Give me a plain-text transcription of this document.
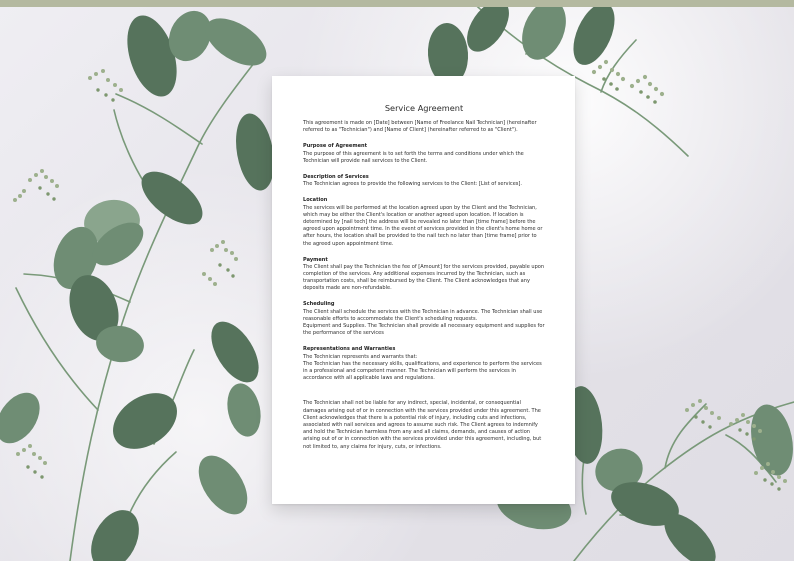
Service Agreement

This agreement is made on [Date] between [Name of Freelance Nail Technician] (hereinafter referred to as "Technician") and [Name of Client] (hereinafter referred to as "Client").

Purpose of Agreement

The purpose of this agreement is to set forth the terms and conditions under which the Technician will provide nail services to the Client.

Description of Services

The Technician agrees to provide the following services to the Client: [List of services].

Location

The services will be performed at the location agreed upon by the Client and the Technician, which may be either the Client's location or another agreed upon location. If location is determined by [nail tech] the address will be revealed no later than [time frame] before the agreed upon appointment time. In the event of services provided in the client's home home or after hours, the location shall be provided to the nail tech no later than [time frame] prior to the agreed upon appointment time.

Payment

The Client shall pay the Technician the fee of [Amount] for the services provided, payable upon completion of the services. Any additional expenses incurred by the Technician, such as transportation costs, shall be reimbursed by the Client. The Client acknowledges that any deposits made are non-refundable.

Scheduling

The Client shall schedule the services with the Technician in advance. The Technician shall use reasonable efforts to accommodate the Client's scheduling requests.

Equipment and Supplies. The Technician shall provide all necessary equipment and supplies for the performance of the services

Representations and Warranties

The Technician represents and warrants that:

The Technician has the necessary skills, qualifications, and experience to perform the services in a professional and competent manner. The Technician will perform the services in accordance with all applicable laws and regulations.

The Technician shall not be liable for any indirect, special, incidental, or consequential damages arising out of or in connection with the services provided under this agreement. The Client acknowledges that there is a potential risk of injury, including cuts and infections, associated with nail services and agrees to assume such risk. The Client agrees to indemnify and hold the Technician harmless from any and all claims, demands, and causes of action arising out of or in connection with the services provided under this agreement, including, but not limited to, any claims for injury, cuts, or infections.
